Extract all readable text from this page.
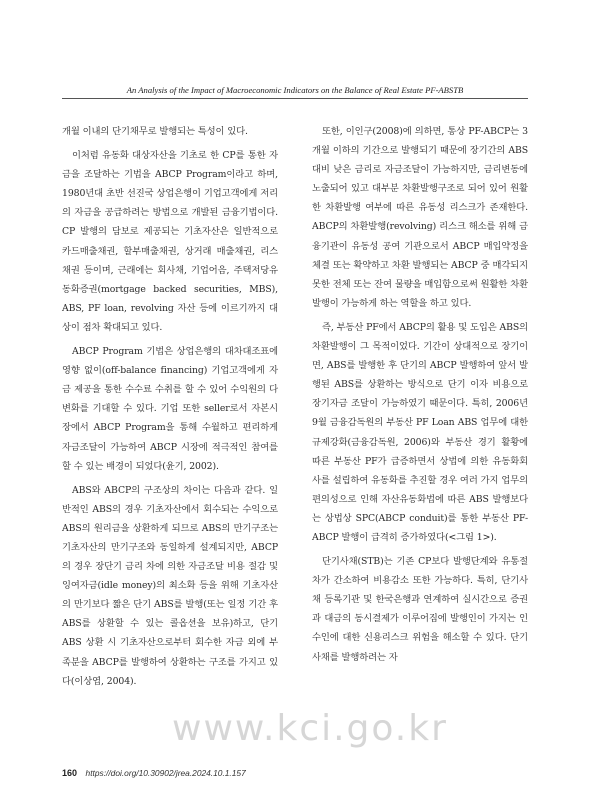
An Analysis of the Impact of Macroeconomic Indicators on the Balance of Real Estate PF-ABSTB

개월 이내의 단기채무로 발행되는 특성이 있다.

이처럼 유동화 대상자산을 기초로 한 CP를 통한 자금을 조달하는 기법을 ABCP Program이라고 하며, 1980년대 초반 선진국 상업은행이 기업고객에게 저리의 자금을 공급하려는 방법으로 개발된 금융기법이다. CP 발행의 담보로 제공되는 기초자산은 일반적으로 카드매출채권, 할부매출채권, 상거래 매출채권, 리스 채권 등이며, 근래에는 회사채, 기업어음, 주택저당유동화증권(mortgage backed securities, MBS), ABS, PF loan, revolving 자산 등에 이르기까지 대상이 점차 확대되고 있다.

ABCP Program 기법은 상업은행의 대차대조표에 영향 없이(off-balance financing) 기업고객에게 자금 제공을 통한 수수료 수취를 할 수 있어 수익원의 다변화를 기대할 수 있다. 기업 또한 seller로서 자본시장에서 ABCP Program을 통해 수월하고 편리하게 자금조달이 가능하여 ABCP 시장에 적극적인 참여를 할 수 있는 배경이 되었다(윤기, 2002).

ABS와 ABCP의 구조상의 차이는 다음과 같다. 일반적인 ABS의 경우 기초자산에서 회수되는 수익으로 ABS의 원리금을 상환하게 되므로 ABS의 만기구조는 기초자산의 만기구조와 동일하게 설계되지만, ABCP의 경우 장단기 금리 차에 의한 자금조달 비용 절감 및 잉여자금(idle money)의 최소화 등을 위해 기초자산의 만기보다 짧은 단기 ABS를 발행(또는 일정 기간 후 ABS를 상환할 수 있는 콜옵션을 보유)하고, 단기 ABS 상환 시 기초자산으로부터 회수한 자금 외에 부족분을 ABCP를 발행하여 상환하는 구조를 가지고 있다(이상엽, 2004).

또한, 이인구(2008)에 의하면, 통상 PF-ABCP는 3개월 이하의 기간으로 발행되기 때문에 장기간의 ABS 대비 낮은 금리로 자금조달이 가능하지만, 금리변동에 노출되어 있고 대부분 차환발행구조로 되어 있어 원활한 차환발행 여부에 따른 유동성 리스크가 존재한다. ABCP의 차환발행(revolving) 리스크 해소를 위해 금융기관이 유동성 공여 기관으로서 ABCP 매입약정을 체결 또는 확약하고 차환 발행되는 ABCP 중 매각되지 못한 전체 또는 잔여 물량을 매입함으로써 원활한 차환발행이 가능하게 하는 역할을 하고 있다.

즉, 부동산 PF에서 ABCP의 활용 및 도입은 ABS의 차환발행이 그 목적이었다. 기간이 상대적으로 장기이면, ABS를 발행한 후 단기의 ABCP 발행하여 앞서 발행된 ABS를 상환하는 방식으로 단기 이자 비용으로 장기자금 조달이 가능하였기 때문이다. 특히, 2006년 9월 금융감독원의 부동산 PF Loan ABS 업무에 대한 규제강화(금융감독원, 2006)와 부동산 경기 활황에 따른 부동산 PF가 급증하면서 상법에 의한 유동화회사를 설립하여 유동화를 추진할 경우 여러 가지 업무의 편의성으로 인해 자산유동화법에 따른 ABS 발행보다는 상법상 SPC(ABCP conduit)를 통한 부동산 PF-ABCP 발행이 급격히 증가하였다(<그림 1>).

단기사채(STB)는 기존 CP보다 발행단계와 유통절차가 간소하여 비용감소 또한 가능하다. 특히, 단기사채 등록기관 및 한국은행과 연계하여 실시간으로 증권과 대금의 동시결제가 이루어짐에 발행인이 가지는 인수인에 대한 신용리스크 위험을 해소할 수 있다. 단기사채를 발행하려는 자

www.kci.go.kr
160 https://doi.org/10.30902/jrea.2024.10.1.157
